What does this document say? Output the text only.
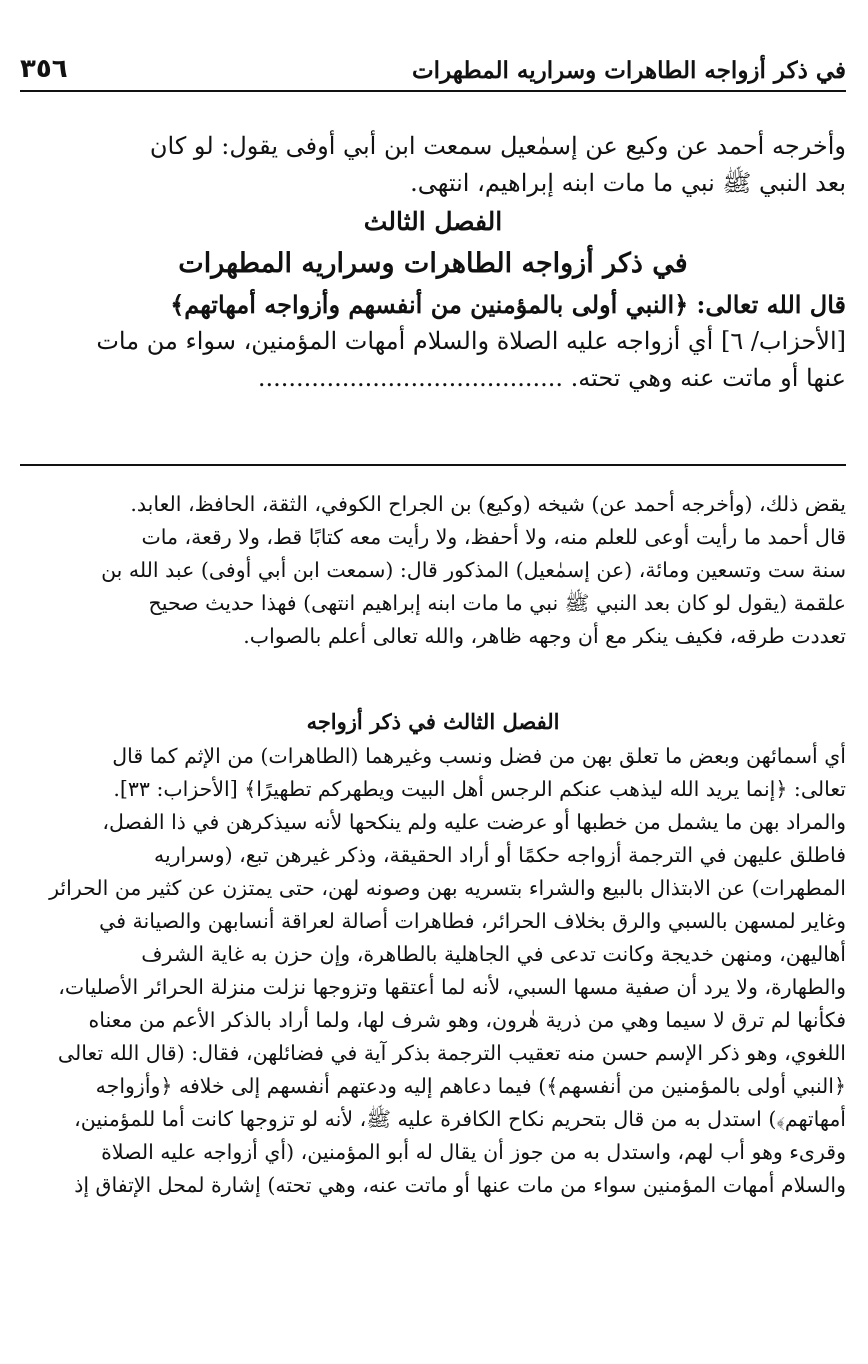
في ذكر أزواجه الطاهرات وسراريه المطهرات
٣٥٦
وأخرجه أحمد عن وكيع عن إسمٰعيل سمعت ابن أبي أوفى يقول: لو كان
بعد النبي ﷺ نبي ما مات ابنه إبراهيم، انتهى.
الفصل الثالث
في ذكر أزواجه الطاهرات وسراريه المطهرات
قال الله تعالى: ﴿النبي أولى بالمؤمنين من أنفسهم وأزواجه أمهاتهم﴾
[الأحزاب/ ٦] أي أزواجه عليه الصلاة والسلام أمهات المؤمنين، سواء من مات
عنها أو ماتت عنه وهي تحته. ........................................
يقض ذلك، (وأخرجه أحمد عن) شيخه (وكيع) بن الجراح الكوفي، الثقة، الحافظ، العابد.
قال أحمد ما رأيت أوعى للعلم منه، ولا أحفظ، ولا رأيت معه كتابًا قط، ولا رقعة، مات
سنة ست وتسعين ومائة، (عن إسمٰعيل) المذكور قال: (سمعت ابن أبي أوفى) عبد الله بن
علقمة (يقول لو كان بعد النبي ﷺ نبي ما مات ابنه إبراهيم انتهى) فهذا حديث صحيح
تعددت طرقه، فكيف ينكر مع أن وجهه ظاهر، والله تعالى أعلم بالصواب.
الفصل الثالث في ذكر أزواجه
أي أسمائهن وبعض ما تعلق بهن من فضل ونسب وغيرهما (الطاهرات) من الإثم كما قال
تعالى: ﴿إنما يريد الله ليذهب عنكم الرجس أهل البيت ويطهركم تطهيرًا﴾ [الأحزاب: ٣٣].
والمراد بهن ما يشمل من خطبها أو عرضت عليه ولم ينكحها لأنه سيذكرهن في ذا الفصل،
فاطلق عليهن في الترجمة أزواجه حكمًا أو أراد الحقيقة، وذكر غيرهن تبع، (وسراريه
المطهرات) عن الابتذال بالبيع والشراء بتسريه بهن وصونه لهن، حتى يمتزن عن كثير من الحرائر
وغاير لمسهن بالسبي والرق بخلاف الحرائر، فطاهرات أصالة لعراقة أنسابهن والصيانة في
أهاليهن، ومنهن خديجة وكانت تدعى في الجاهلية بالطاهرة، وإن حزن به غاية الشرف
والطهارة، ولا يرد أن صفية مسها السبي، لأنه لما أعتقها وتزوجها نزلت منزلة الحرائر الأصليات،
فكأنها لم ترق لا سيما وهي من ذرية هٰرون، وهو شرف لها، ولما أراد بالذكر الأعم من معناه
اللغوي، وهو ذكر الإسم حسن منه تعقيب الترجمة بذكر آية في فضائلهن، فقال: (قال الله تعالى
﴿النبي أولى بالمؤمنين من أنفسهم﴾) فيما دعاهم إليه ودعتهم أنفسهم إلى خلافه ﴿وأزواجه
أمهاتهم﴾) استدل به من قال بتحريم نكاح الكافرة عليه ﷺ، لأنه لو تزوجها كانت أما للمؤمنين،
وقرىء وهو أب لهم، واستدل به من جوز أن يقال له أبو المؤمنين، (أي أزواجه عليه الصلاة
والسلام أمهات المؤمنين سواء من مات عنها أو ماتت عنه، وهي تحته) إشارة لمحل الإتفاق إذ
